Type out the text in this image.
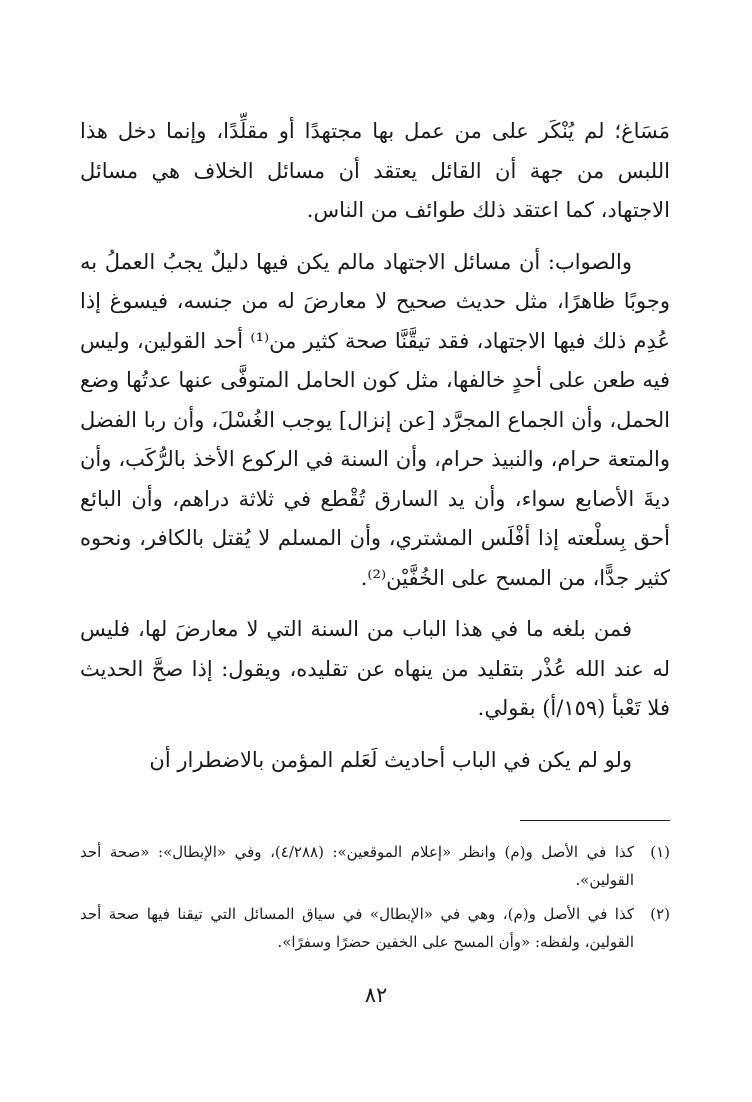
مَسَاغ؛ لم يُنْكَر على من عمل بها مجتهدًا أو مقلِّدًا، وإنما دخل هذا اللبس من جهة أن القائل يعتقد أن مسائل الخلاف هي مسائل الاجتهاد، كما اعتقد ذلك طوائف من الناس.

والصواب: أن مسائل الاجتهاد مالم يكن فيها دليلٌ يجبُ العملُ به وجوبًا ظاهرًا، مثل حديث صحيح لا معارضَ له من جنسه، فيسوغ إذا عُدِم ذلك فيها الاجتهاد، فقد تيقَّنَّا صحة كثير من⁽¹⁾ أحد القولين، وليس فيه طعن على أحدٍ خالفها، مثل كون الحامل المتوفَّى عنها عدتُها وضع الحمل، وأن الجماع المجرَّد [عن إنزال] يوجب الغُسْلَ، وأن ربا الفضل والمتعة حرام، والنبيذ حرام، وأن السنة في الركوع الأخذ بالرُّكَب، وأن ديةَ الأصابع سواء، وأن يد السارق تُقْطع في ثلاثة دراهم، وأن البائع أحق بِسلْعته إذا أفْلَس المشتري، وأن المسلم لا يُقتل بالكافر، ونحوه كثير جدًّا، من المسح على الخُفَّيْن⁽²⁾.

فمن بلغه ما في هذا الباب من السنة التي لا معارضَ لها، فليس له عند الله عُذْر بتقليد من ينهاه عن تقليده، ويقول: إذا صحَّ الحديث فلا تَعْبأ (١٥٩/أ) بقولي.

ولو لم يكن في الباب أحاديث لَعَلم المؤمن بالاضطرار أن

(١)
كذا في الأصل و(م) وانظر «إعلام الموقعين»: (٤/٢٨٨)، وفي «الإبطال»: «صحة أحد القولين».
(٢)
كذا في الأصل و(م)، وهي في «الإبطال» في سياق المسائل التي تيقنا فيها صحة أحد القولين، ولفظه: «وأن المسح على الخفين حضرًا وسفرًا».
٨٢
